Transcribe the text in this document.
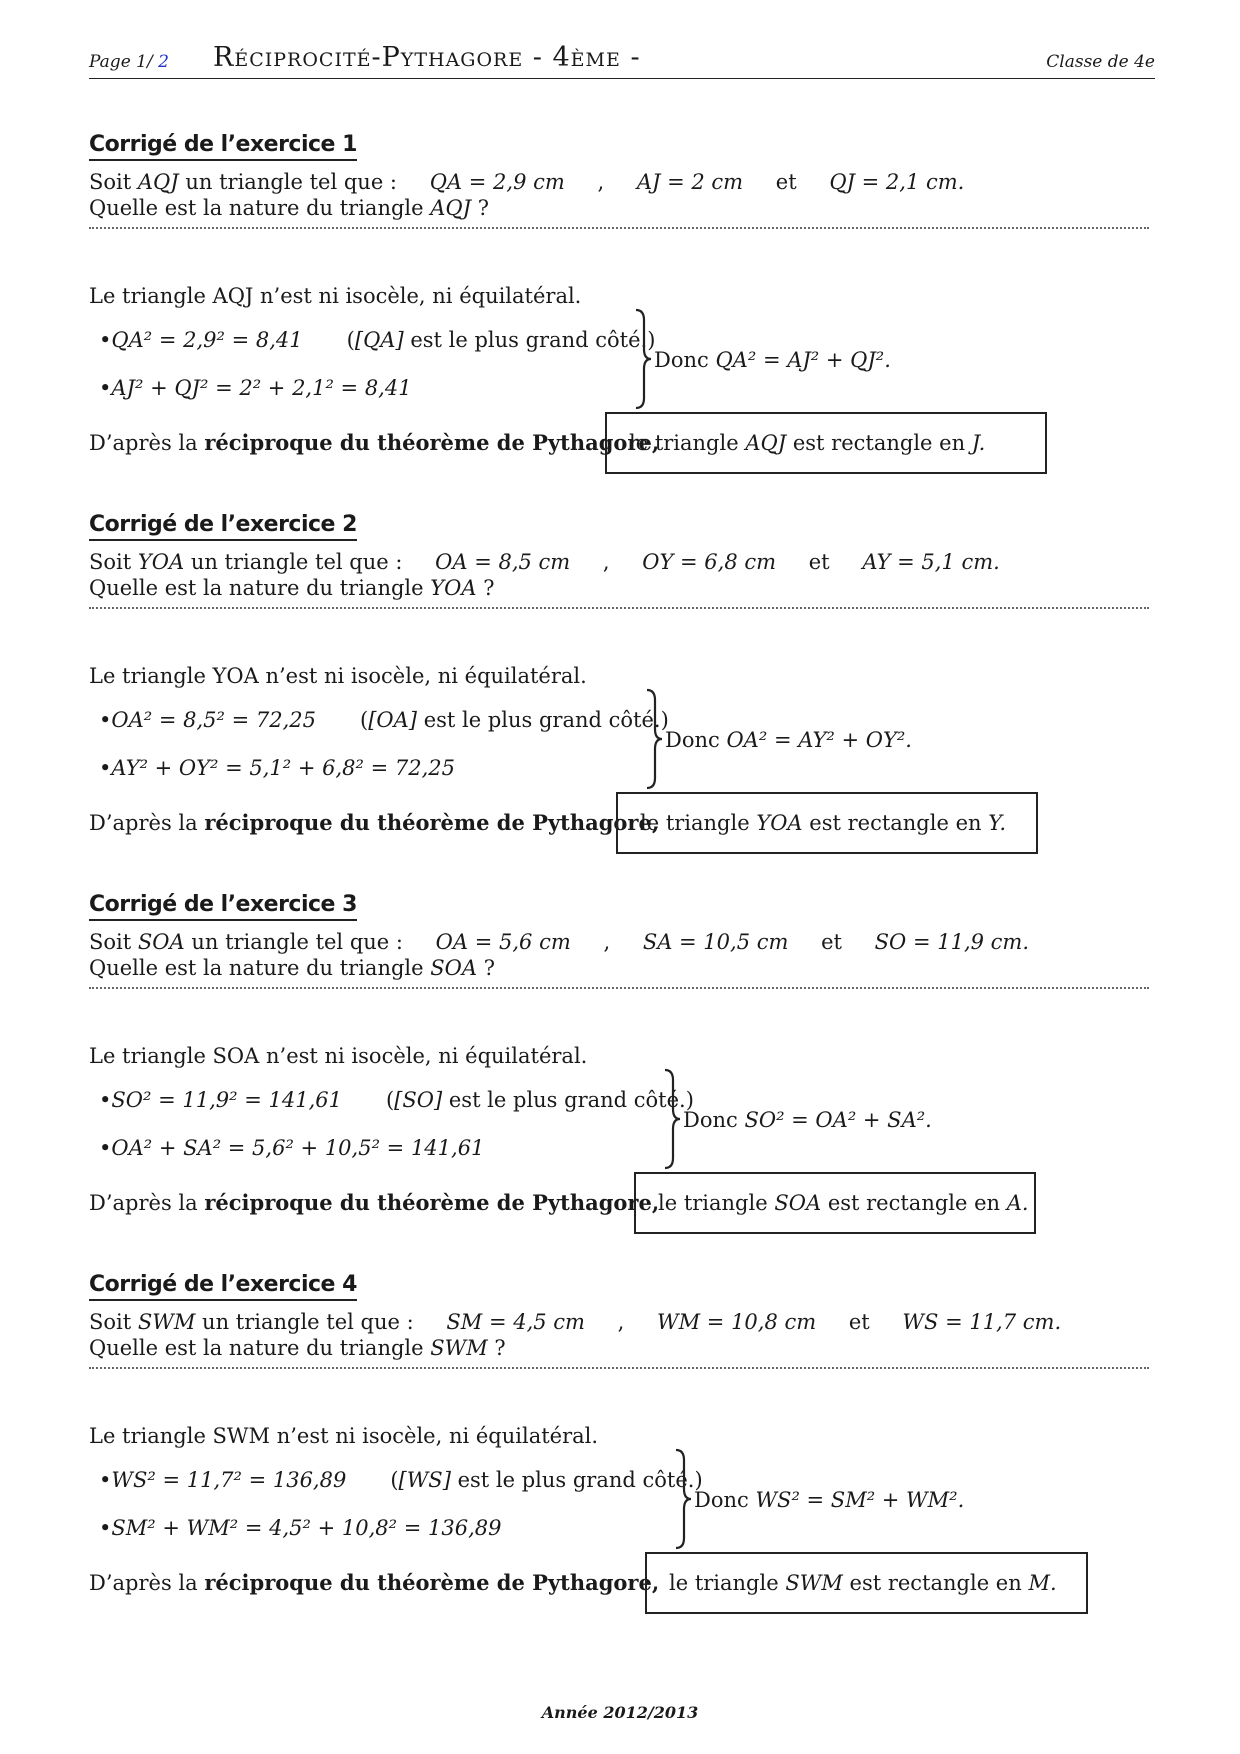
Page 1/ 2 Réciprocité-Pythagore - 4ème -	Classe de 4e
Corrigé de l’exercice 1
Soit AQJ un triangle tel que : QA = 2,9 cm , AJ = 2 cm et QJ = 2,1 cm.
Quelle est la nature du triangle AQJ ?
Le triangle AQJ n’est ni isocèle, ni équilatéral.
•QA² = 2,9² = 8,41 ([QA] est le plus grand côté.)
•AJ² + QJ² = 2² + 2,1² = 8,41
Donc QA² = AJ² + QJ².
D’après la réciproque du théorème de Pythagore,
le triangle AQJ est rectangle en J.
Corrigé de l’exercice 2
Soit YOA un triangle tel que : OA = 8,5 cm , OY = 6,8 cm et AY = 5,1 cm.
Quelle est la nature du triangle YOA ?
Le triangle YOA n’est ni isocèle, ni équilatéral.
•OA² = 8,5² = 72,25 ([OA] est le plus grand côté.)
•AY² + OY² = 5,1² + 6,8² = 72,25
Donc OA² = AY² + OY².
D’après la réciproque du théorème de Pythagore,
le triangle YOA est rectangle en Y.
Corrigé de l’exercice 3
Soit SOA un triangle tel que : OA = 5,6 cm , SA = 10,5 cm et SO = 11,9 cm.
Quelle est la nature du triangle SOA ?
Le triangle SOA n’est ni isocèle, ni équilatéral.
•SO² = 11,9² = 141,61 ([SO] est le plus grand côté.)
•OA² + SA² = 5,6² + 10,5² = 141,61
Donc SO² = OA² + SA².
D’après la réciproque du théorème de Pythagore,
le triangle SOA est rectangle en A.
Corrigé de l’exercice 4
Soit SWM un triangle tel que : SM = 4,5 cm , WM = 10,8 cm et WS = 11,7 cm.
Quelle est la nature du triangle SWM ?
Le triangle SWM n’est ni isocèle, ni équilatéral.
•WS² = 11,7² = 136,89 ([WS] est le plus grand côté.)
•SM² + WM² = 4,5² + 10,8² = 136,89
Donc WS² = SM² + WM².
D’après la réciproque du théorème de Pythagore, le triangle SWM est rectangle en M.
Année 2012/2013
